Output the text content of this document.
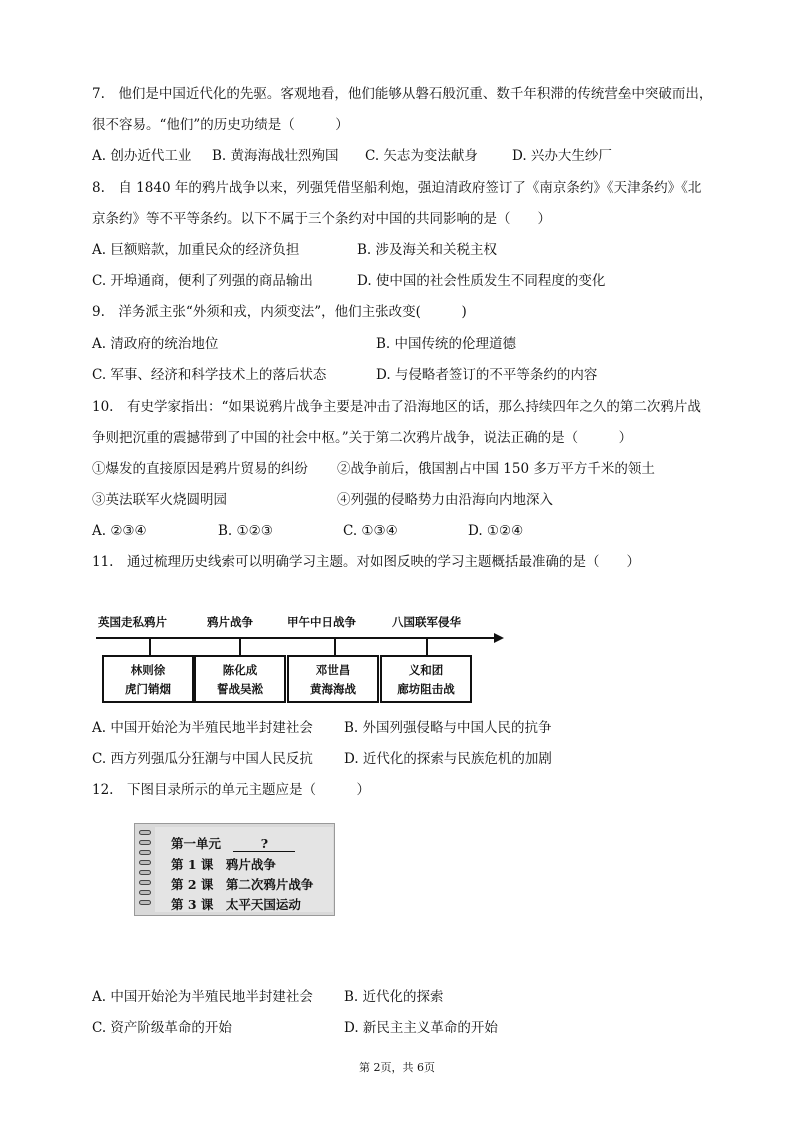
7.　他们是中国近代化的先驱。客观地看，他们能够从磐石般沉重、数千年积滞的传统营垒中突破而出，
很不容易。“他们”的历史功绩是（　　　）
A. 创办近代工业 B. 黄海海战壮烈殉国 C. 矢志为变法献身	D. 兴办大生纱厂
8.　自 1840 年的鸦片战争以来，列强凭借坚船利炮，强迫清政府签订了《南京条约》《天津条约》《北
京条约》等不平等条约。以下不属于三个条约对中国的共同影响的是（　　）
A. 巨额赔款，加重民众的经济负担	B. 涉及海关和关税主权
C. 开埠通商，便利了列强的商品输出	D. 使中国的社会性质发生不同程度的变化
9.　洋务派主张“外须和戎，内须变法”，他们主张改变(　　　)
A. 清政府的统治地位	B. 中国传统的伦理道德
C. 军事、经济和科学技术上的落后状态	D. 与侵略者签订的不平等条约的内容
10.　有史学家指出：“如果说鸦片战争主要是冲击了沿海地区的话，那么持续四年之久的第二次鸦片战
争则把沉重的震撼带到了中国的社会中枢。”关于第二次鸦片战争，说法正确的是（　　　）
①爆发的直接原因是鸦片贸易的纠纷 ②战争前后，俄国割占中国 150 多万平方千米的领土
③英法联军火烧圆明园	④列强的侵略势力由沿海向内地深入
A. ②③④	B. ①②③	C. ①③④	D. ①②④
11.　通过梳理历史线索可以明确学习主题。对如图反映的学习主题概括最准确的是（　　）
英国走私鸦片	鸦片战争	甲午中日战争	八国联军侵华
林则徐
虎门销烟
陈化成
誓战吴淞
邓世昌
黄海海战
义和团
廊坊阻击战
A. 中国开始沦为半殖民地半封建社会 B. 外国列强侵略与中国人民的抗争
C. 西方列强瓜分狂潮与中国人民反抗 D. 近代化的探索与民族危机的加剧
12.　下图目录所示的单元主题应是（　　　）
第一单元	?
第 1 课　鸦片战争
第 2 课　第二次鸦片战争
第 3 课　太平天国运动
A. 中国开始沦为半殖民地半封建社会 B. 近代化的探索
C. 资产阶级革命的开始	D. 新民主主义革命的开始
第 2页，共 6页
